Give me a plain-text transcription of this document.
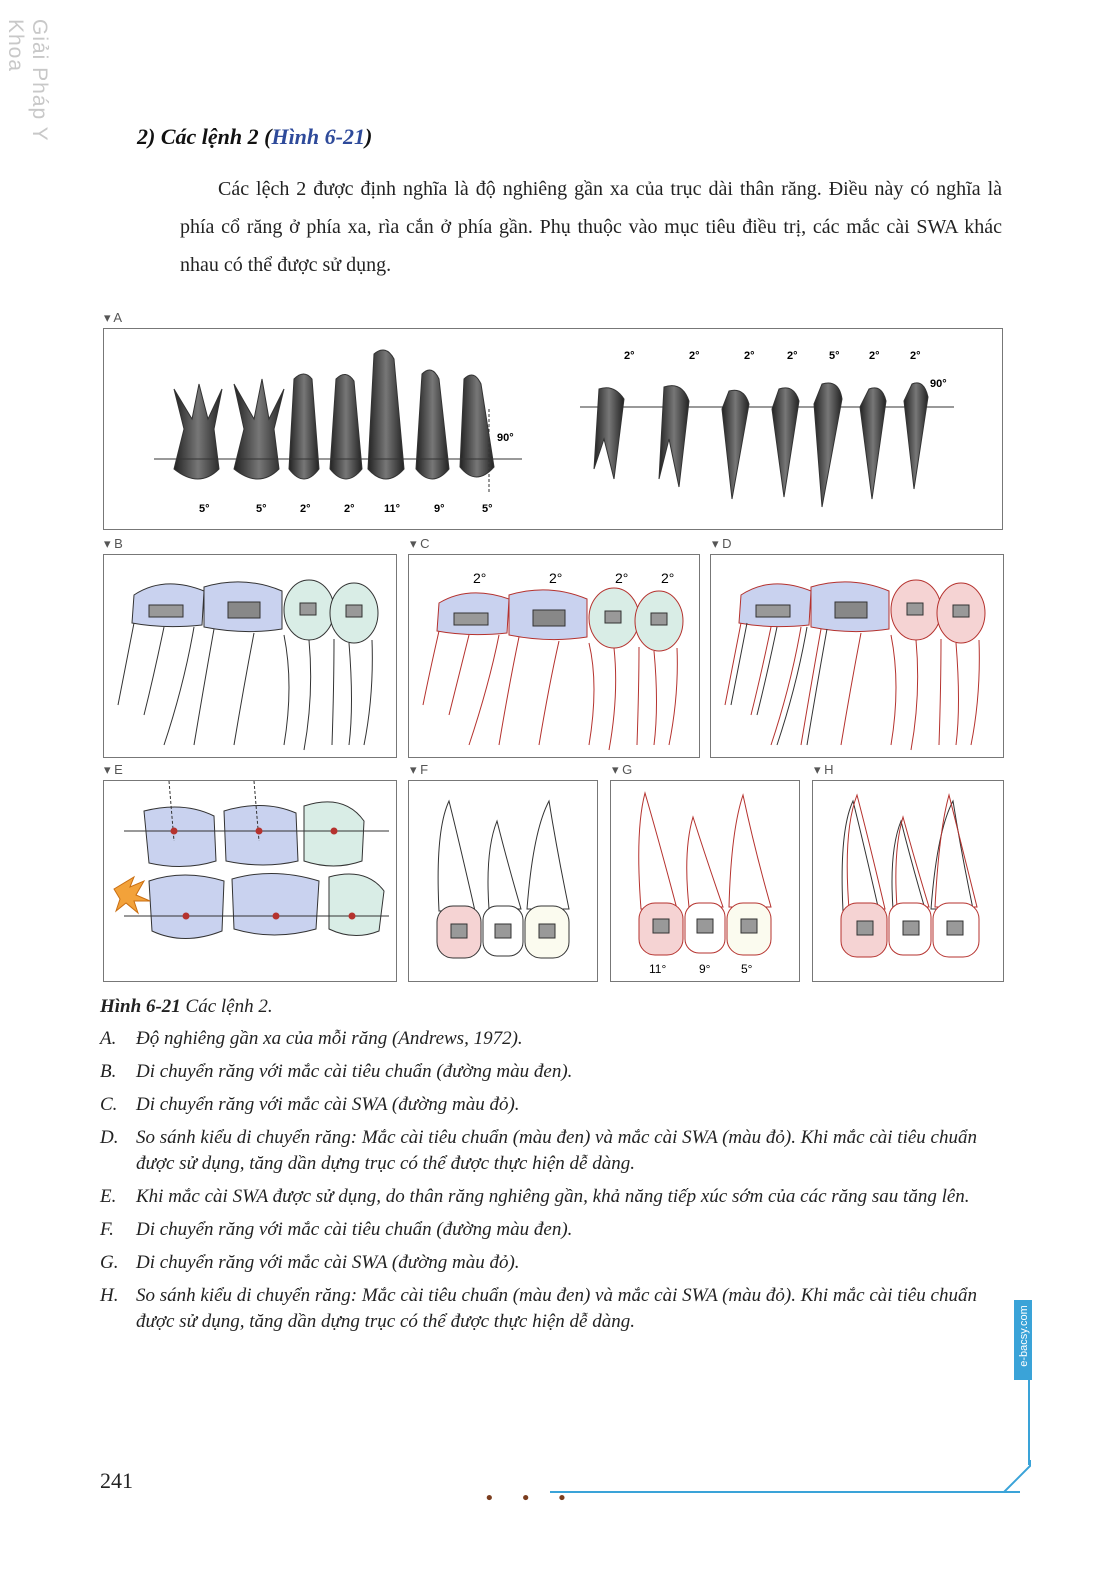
Giải Pháp Y Khoa
2) Các lệnh 2 (Hình 6-21)
Các lệch 2 được định nghĩa là độ nghiêng gần xa của trục dài thân răng. Điều này có nghĩa là phía cổ răng ở phía xa, rìa cắn ở phía gần. Phụ thuộc vào mục tiêu điều trị, các mắc cài SWA khác nhau có thể được sử dụng.
▾ A
90°
5°	5°	2°	2°	11°	9°	5°
2°	2°	2°	2°	5°	2°	2°
90°
▾ B	▾ C
2°	2°	2° 2°
▾ D
▾ E	▾ F	▾ G
11°	9°	5°
▾ H
Hình 6-21 Các lệnh 2.
A.	Độ nghiêng gần xa của mỗi răng (Andrews, 1972).
B.	Di chuyển răng với mắc cài tiêu chuẩn (đường màu đen).
C. Di chuyển răng với mắc cài SWA (đường màu đỏ).
D. So sánh kiểu di chuyển răng: Mắc cài tiêu chuẩn (màu đen) và mắc cài SWA (màu đỏ). Khi mắc cài tiêu chuẩn được sử dụng, tăng dần dựng trục có thể được thực hiện dễ dàng.
E.	Khi mắc cài SWA được sử dụng, do thân răng nghiêng gần, khả năng tiếp xúc sớm của các răng sau tăng lên.
F.	Di chuyển răng với mắc cài tiêu chuẩn (đường màu đen).
G. Di chuyển răng với mắc cài SWA (đường màu đỏ).
H. So sánh kiểu di chuyển răng: Mắc cài tiêu chuẩn (màu đen) và mắc cài SWA (màu đỏ). Khi mắc cài tiêu chuẩn được sử dụng, tăng dần dựng trục có thể được thực hiện dễ dàng.	e-bacsy.com
241
• • •
